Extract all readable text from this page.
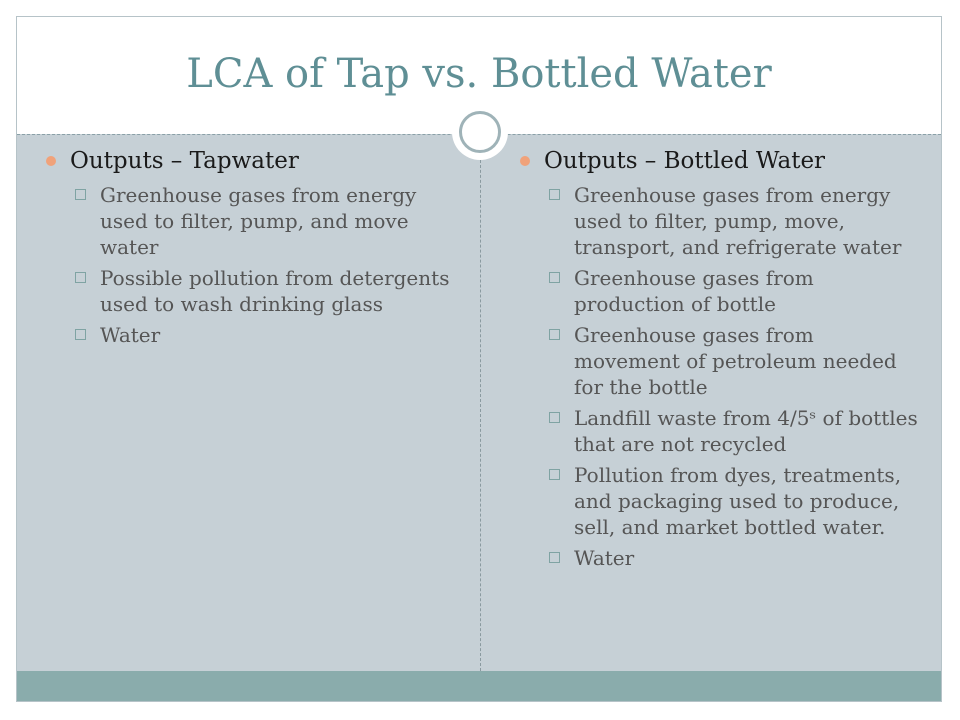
LCA of Tap vs. Bottled Water
Outputs – Tapwater
Greenhouse gases from energy used to filter, pump, and move water
Possible pollution from detergents used to wash drinking glass
Water
Outputs – Bottled Water
Greenhouse gases from energy used to filter, pump, move, transport, and refrigerate water
Greenhouse gases from production of bottle
Greenhouse gases from movement of petroleum needed for the bottle
Landfill waste from 4/5ˢ of bottles that are not recycled
Pollution from dyes, treatments, and packaging used to produce, sell, and market bottled water.
Water
